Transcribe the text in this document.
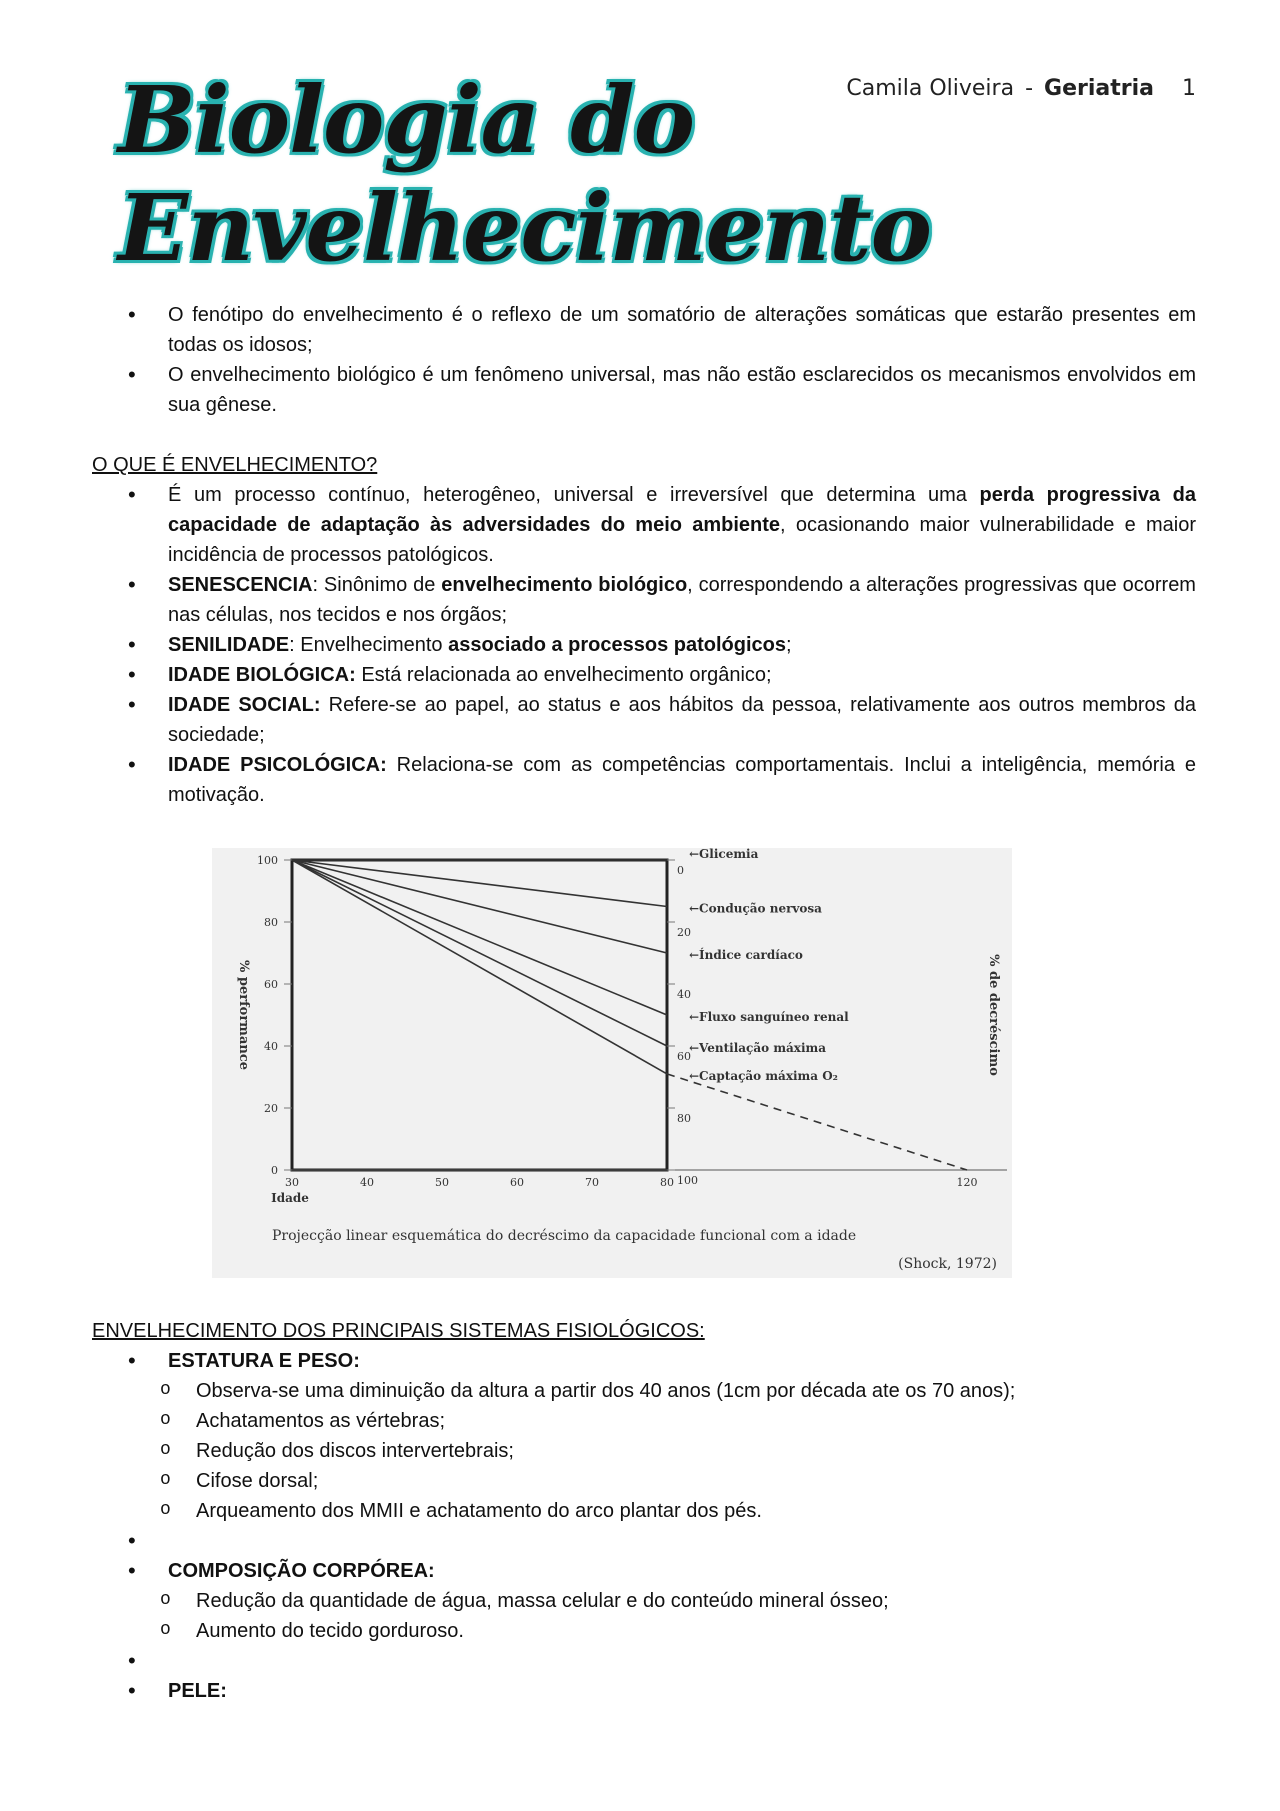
Camila Oliveira - Geriatria 1
Biologia do Envelhecimento
• O fenótipo do envelhecimento é o reflexo de um somatório de alterações somáticas que estarão presentes em todas os idosos;
• O envelhecimento biológico é um fenômeno universal, mas não estão esclarecidos os mecanismos envolvidos em sua gênese.

O QUE É ENVELHECIMENTO?

• É um processo contínuo, heterogêneo, universal e irreversível que determina uma perda progressiva da capacidade de adaptação às adversidades do meio ambiente, ocasionando maior vulnerabilidade e maior incidência de processos patológicos.
• SENESCENCIA: Sinônimo de envelhecimento biológico, correspondendo a alterações progressivas que ocorrem nas células, nos tecidos e nos órgãos;
• SENILIDADE: Envelhecimento associado a processos patológicos;
• IDADE BIOLÓGICA: Está relacionada ao envelhecimento orgânico;
• IDADE SOCIAL: Refere-se ao papel, ao status e aos hábitos da pessoa, relativamente aos outros membros da sociedade;
• IDADE PSICOLÓGICA: Relaciona-se com as competências comportamentais. Inclui a inteligência, memória e motivação.
0
20
40
60
80
100
0
20
40
60
80
100
30	40	50	60	70	80	120
Idade
% performance	% de decréscimo
←Glicemia
←Condução nervosa
←Índice cardíaco
←Fluxo sanguíneo renal
←Ventilação máxima
←Captação máxima O₂
Projecção linear esquemática do decréscimo da capacidade funcional com a idade
(Shock, 1972)

ENVELHECIMENTO DOS PRINCIPAIS SISTEMAS FISIOLÓGICOS:

• ESTATURA E PESO:
o Observa-se uma diminuição da altura a partir dos 40 anos (1cm por década ate os 70 anos);
o Achatamentos as vértebras;
o Redução dos discos intervertebrais;
o Cifose dorsal;
o Arqueamento dos MMII e achatamento do arco plantar dos pés.
•
• COMPOSIÇÃO CORPÓREA:
o Redução da quantidade de água, massa celular e do conteúdo mineral ósseo;
o Aumento do tecido gorduroso.
•
• PELE:
